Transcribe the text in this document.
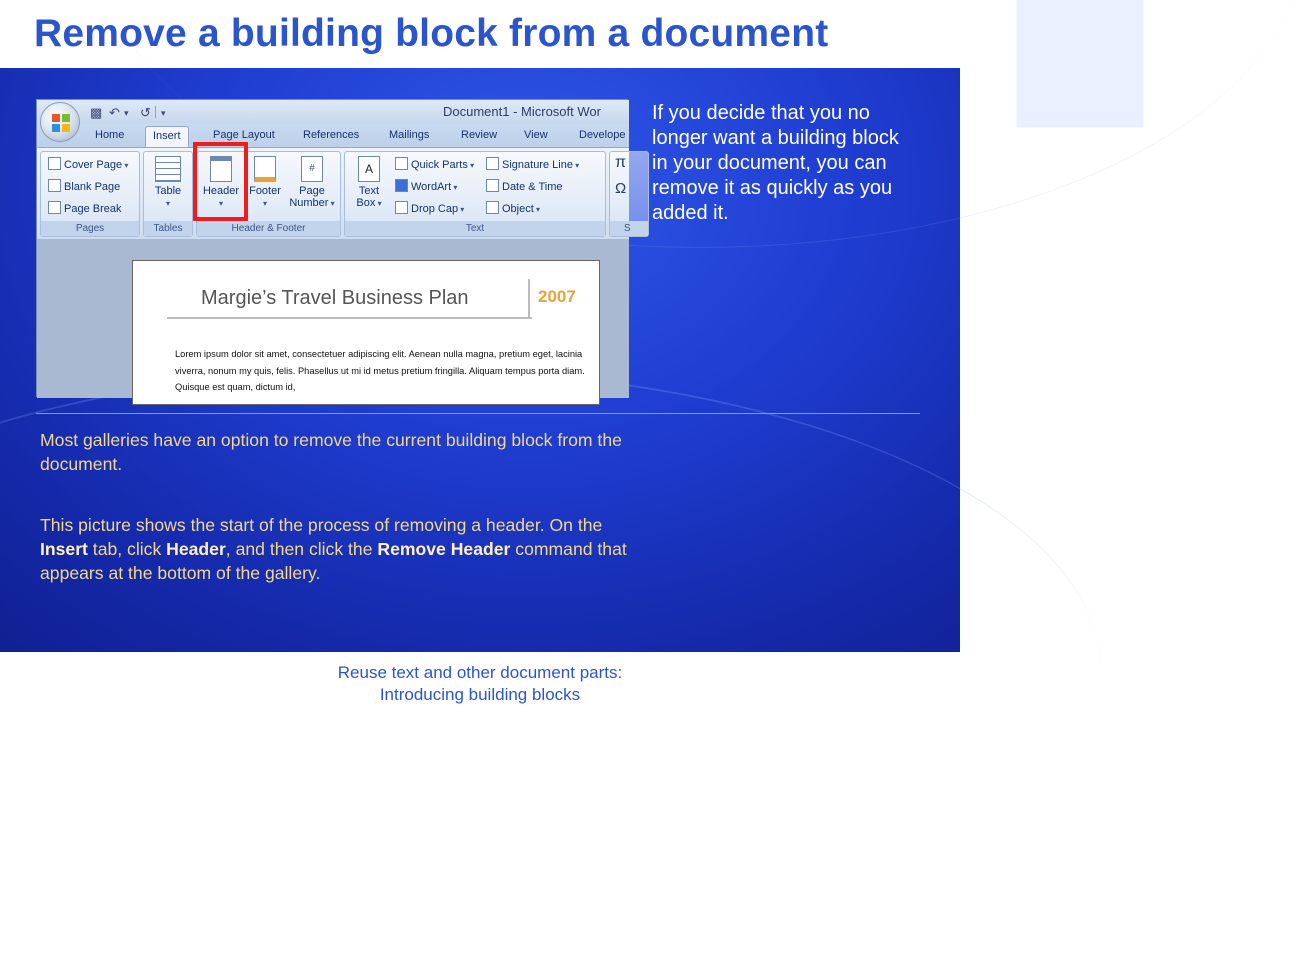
Remove a building block from a document
▩ ↶ ▾ ↺ ▾	Document1 - Microsoft Wor
Home	Insert	Page Layout	References	Mailings	Review View	Develope
Cover Page ▾
Blank Page
Page Break
Pages
Table
▾
Tables
Header
▾
Footer
▾
#
Page
Number ▾
Header & Footer
A
Text
Box ▾
Quick Parts ▾
WordArt ▾
Drop Cap ▾
Signature Line ▾
Date & Time
Object ▾
Text
π
Ω
S
Margie’s Travel Business Plan	2007
Lorem ipsum dolor sit amet, consectetuer adipiscing elit. Aenean nulla magna, pretium eget, lacinia viverra, nonum my quis, felis. Phasellus ut mi id metus pretium fringilla. Aliquam tempus porta diam. Quisque est quam, dictum id,
If you decide that you no longer want a building block in your document, you can remove it as quickly as you added it.
Most galleries have an option to remove the current building block from the document.
This picture shows the start of the process of removing a header. On the Insert tab, click Header, and then click the Remove Header command that appears at the bottom of the gallery.
Reuse text and other document parts:
Introducing building blocks
